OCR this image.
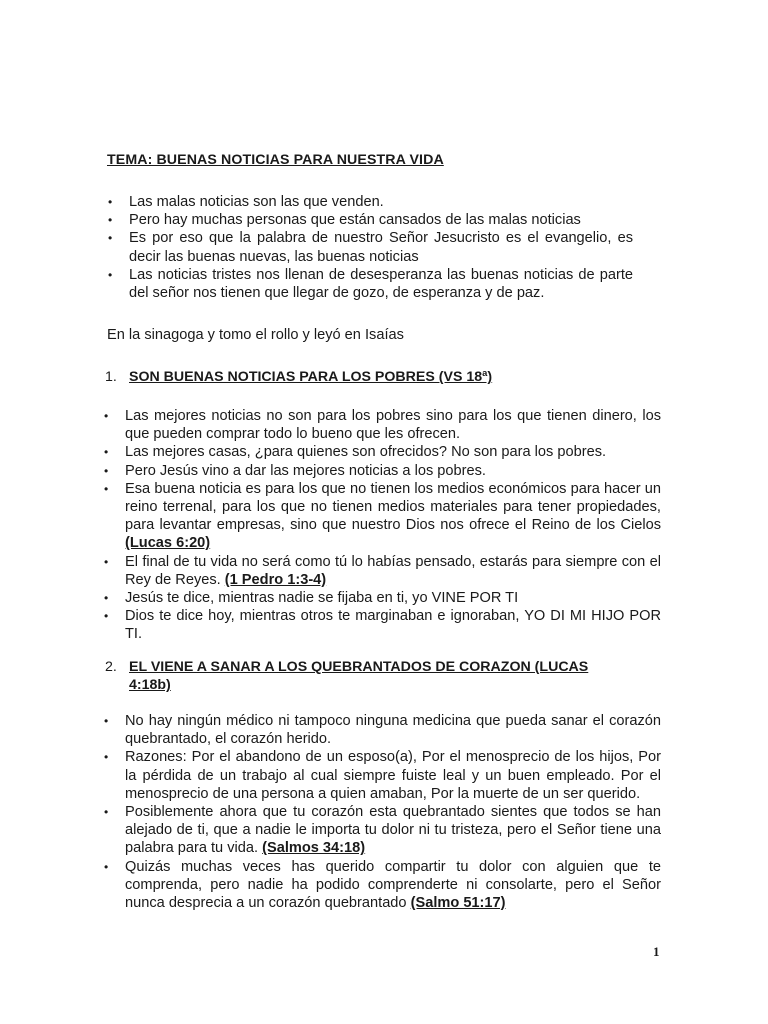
TEMA: BUENAS NOTICIAS PARA NUESTRA VIDA
•	Las malas noticias son las que venden.
•	Pero hay muchas personas que están cansados de las malas noticias
•	Es por eso que la palabra de nuestro Señor Jesucristo es el evangelio, es decir las buenas nuevas, las buenas noticias
•	Las noticias tristes nos llenan de desesperanza las buenas noticias de parte del señor nos tienen que llegar de gozo, de esperanza y de paz.
En la sinagoga y tomo el rollo y leyó en Isaías
1. SON BUENAS NOTICIAS PARA LOS POBRES (VS 18ª)
•	Las mejores noticias no son para los pobres sino para los que tienen dinero, los que pueden comprar todo lo bueno que les ofrecen.
•	Las mejores casas, ¿para quienes son ofrecidos? No son para los pobres.
•	Pero Jesús vino a dar las mejores noticias a los pobres.
•	Esa buena noticia es para los que no tienen los medios económicos para hacer un reino terrenal, para los que no tienen medios materiales para tener propiedades, para levantar empresas, sino que nuestro Dios nos ofrece el Reino de los Cielos (Lucas 6:20)
•	El final de tu vida no será como tú lo habías pensado, estarás para siempre con el Rey de Reyes. (1 Pedro 1:3-4)
•	Jesús te dice, mientras nadie se fijaba en ti, yo VINE POR TI
•	Dios te dice hoy, mientras otros te marginaban e ignoraban, YO DI MI HIJO POR TI.
2. EL VIENE A SANAR A LOS QUEBRANTADOS DE CORAZON (LUCAS 4:18b)
•	No hay ningún médico ni tampoco ninguna medicina que pueda sanar el corazón quebrantado, el corazón herido.
•	Razones: Por el abandono de un esposo(a), Por el menosprecio de los hijos, Por la pérdida de un trabajo al cual siempre fuiste leal y un buen empleado. Por el menosprecio de una persona a quien amaban, Por la muerte de un ser querido.
•	Posiblemente ahora que tu corazón esta quebrantado sientes que todos se han alejado de ti, que a nadie le importa tu dolor ni tu tristeza, pero el Señor tiene una palabra para tu vida. (Salmos 34:18)
•	Quizás muchas veces has querido compartir tu dolor con alguien que te comprenda, pero nadie ha podido comprenderte ni consolarte, pero el Señor nunca desprecia a un corazón quebrantado (Salmo 51:17)
1
